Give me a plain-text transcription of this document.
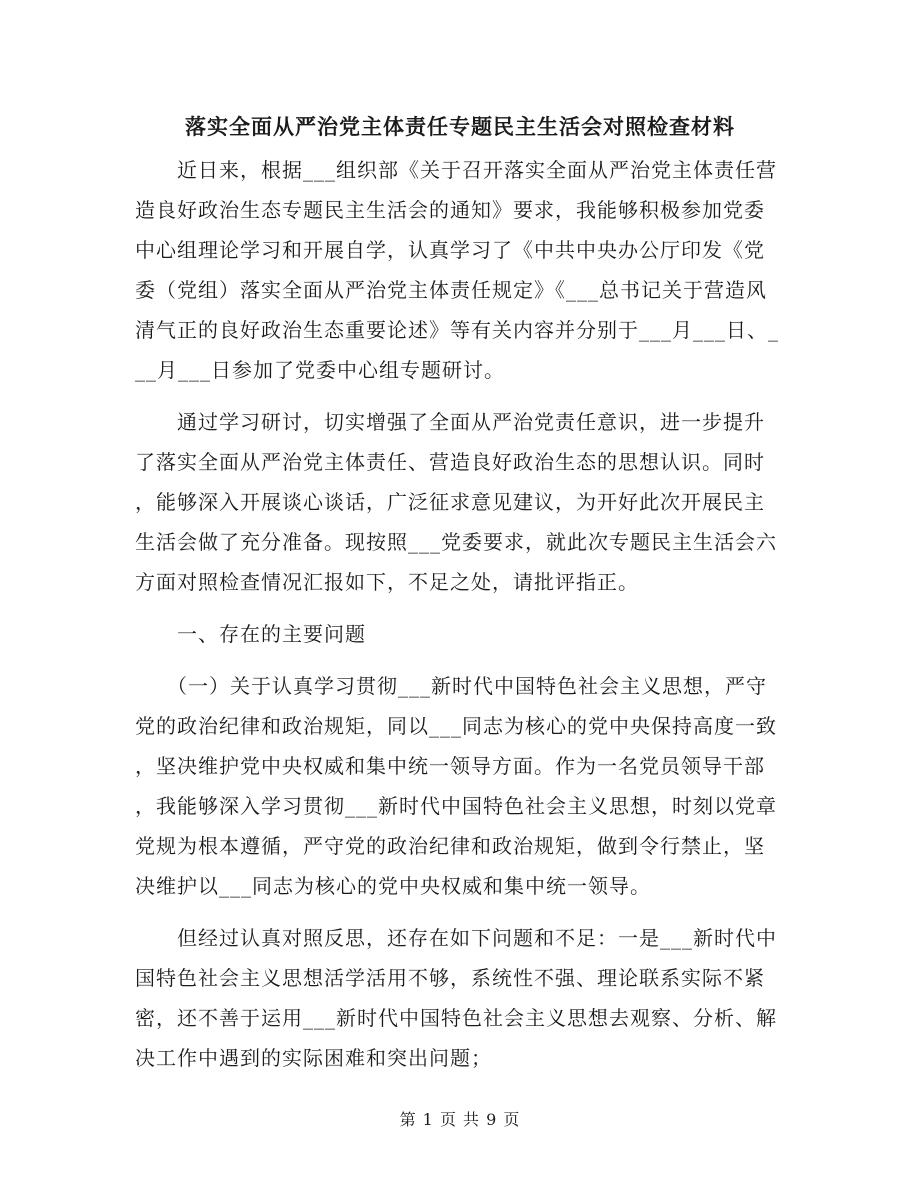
落实全面从严治党主体责任专题民主生活会对照检查材料
　　近日来，根据___组织部《关于召开落实全面从严治党主体责任营
造良好政治生态专题民主生活会的通知》要求，我能够积极参加党委
中心组理论学习和开展自学，认真学习了《中共中央办公厅印发《党
委（党组）落实全面从严治党主体责任规定》《___总书记关于营造风
清气正的良好政治生态重要论述》等有关内容并分别于___月___日、_
__月___日参加了党委中心组专题研讨。
　　通过学习研讨，切实增强了全面从严治党责任意识，进一步提升
了落实全面从严治党主体责任、营造良好政治生态的思想认识。同时
，能够深入开展谈心谈话，广泛征求意见建议，为开好此次开展民主
生活会做了充分准备。现按照___党委要求，就此次专题民主生活会六
方面对照检查情况汇报如下，不足之处，请批评指正。
　　一、存在的主要问题
　　（一）关于认真学习贯彻___新时代中国特色社会主义思想，严守
党的政治纪律和政治规矩，同以___同志为核心的党中央保持高度一致
，坚决维护党中央权威和集中统一领导方面。作为一名党员领导干部
，我能够深入学习贯彻___新时代中国特色社会主义思想，时刻以党章
党规为根本遵循，严守党的政治纪律和政治规矩，做到令行禁止，坚
决维护以___同志为核心的党中央权威和集中统一领导。
　　但经过认真对照反思，还存在如下问题和不足：一是___新时代中
国特色社会主义思想活学活用不够，系统性不强、理论联系实际不紧
密，还不善于运用___新时代中国特色社会主义思想去观察、分析、解
决工作中遇到的实际困难和突出问题；
第 1 页 共 9 页
